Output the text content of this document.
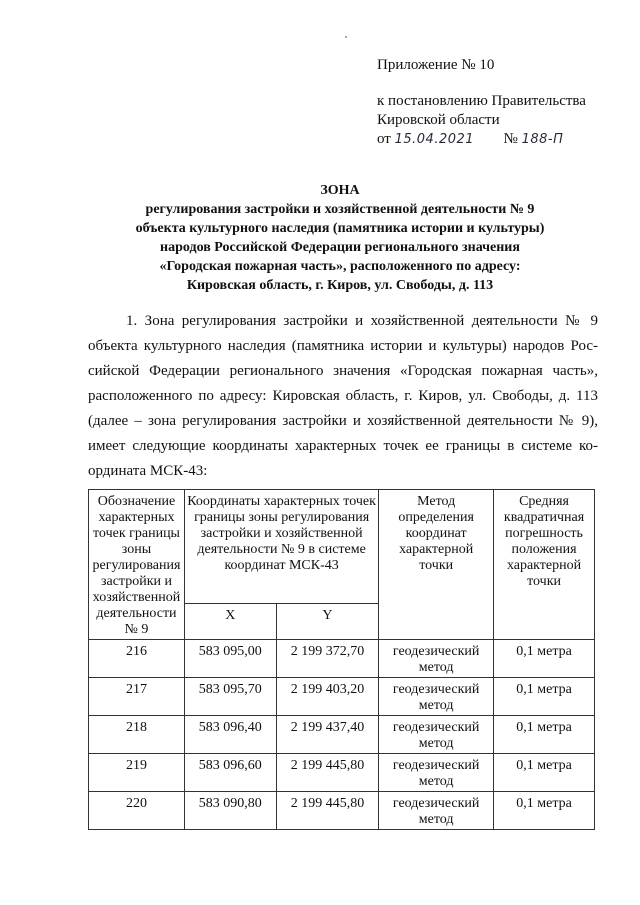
Приложение № 10
к постановлению Правительства
Кировской области
от 15.04.2021 № 188-П
ЗОНА
регулирования застройки и хозяйственной деятельности № 9
объекта культурного наследия (памятника истории и культуры)
народов Российской Федерации регионального значения
«Городская пожарная часть», расположенного по адресу:
Кировская область, г. Киров, ул. Свободы, д. 113
1. Зона регулирования застройки и хозяйственной деятельности № 9
объекта культурного наследия (памятника истории и культуры) народов Рос-
сийской Федерации регионального значения «Городская пожарная часть»,
расположенного по адресу: Кировская область, г. Киров, ул. Свободы, д. 113
(далее – зона регулирования застройки и хозяйственной деятельности № 9),
имеет следующие координаты характерных точек ее границы в системе ко-
ордината МСК-43:
Обозначение характерных точек границы зоны регулирования застройки и хозяйственной деятельности № 9	Координаты характерных точек границы зоны регулирования застройки и хозяйственной деятельности № 9 в системе координат МСК-43		Метод определения координат характерной точки	Средняя квадратичная погрешность положения характерной точки
	X	Y		
216	583 095,00	2 199 372,70	геодезический метод	0,1 метра
217	583 095,70	2 199 403,20	геодезический метод	0,1 метра
218	583 096,40	2 199 437,40	геодезический метод	0,1 метра
219	583 096,60	2 199 445,80	геодезический метод	0,1 метра
220	583 090,80	2 199 445,80	геодезический метод	0,1 метра
